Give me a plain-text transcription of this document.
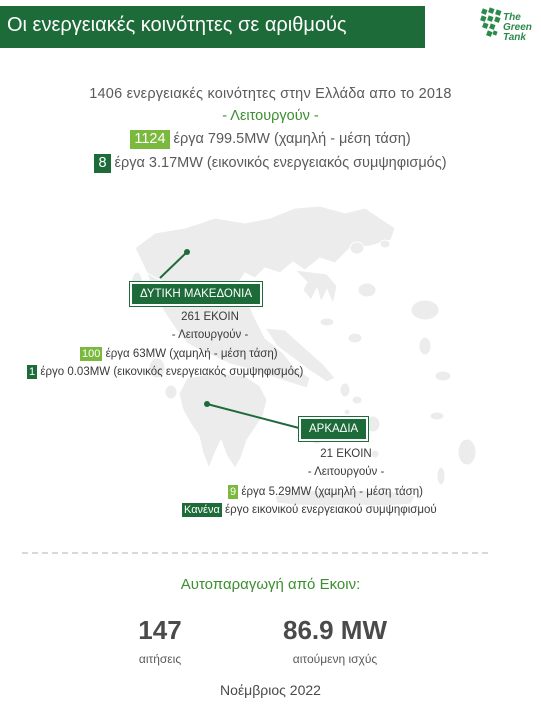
Οι ενεργειακές κοινότητες σε αριθμούς	The
Green
Tank
1406 ενεργειακές κοινότητες στην Ελλάδα απο το 2018
- Λειτουργούν -
1124 έργα 799.5MW (χαμηλή - μέση τάση)
8 έργα 3.17MW (εικονικός ενεργειακός συμψηφισμός)
ΔΥΤΙΚΗ ΜΑΚΕΔΟΝΙΑ
261 ΕΚΟΙΝ
- Λειτουργούν -
100 έργα 63MW (χαμηλή - μέση τάση)
1 έργο 0.03MW (εικονικός ενεργειακός συμψηφισμός)
ΑΡΚΑΔΙΑ
21 ΕΚΟΙΝ
- Λειτουργούν -
9 έργα 5.29MW (χαμηλή - μέση τάση)
Κανένα έργο εικονικού ενεργειακού συμψηφισμού
Αυτοπαραγωγή από Εκοιν:
147
αιτήσεις
86.9 MW
αιτούμενη ισχύς
Νοέμβριος 2022
